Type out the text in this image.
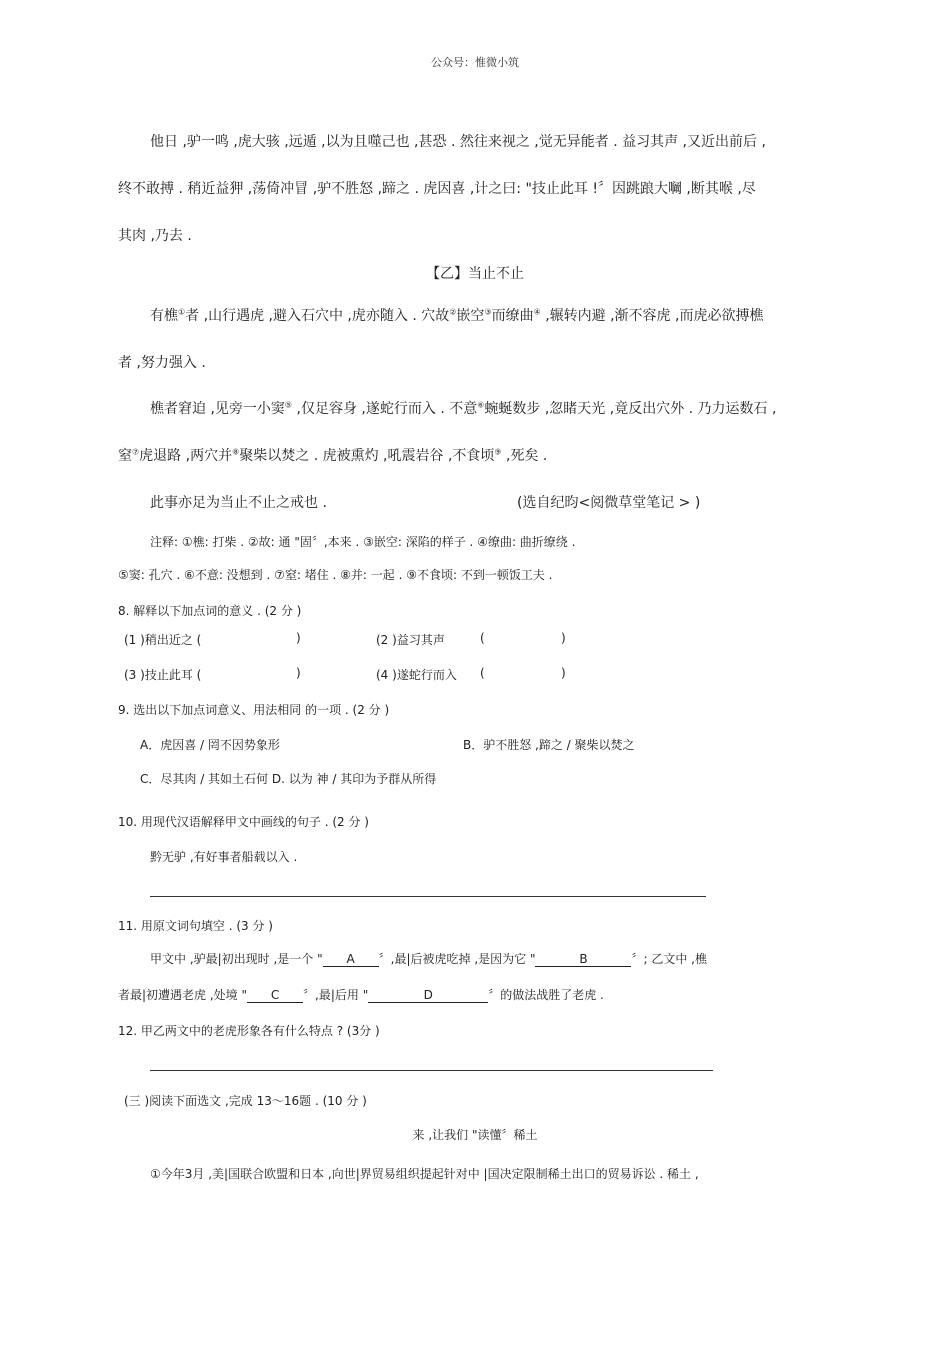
公众号：惟微小筑
他日 ,驴一鸣 ,虎大骇 ,远遁 ,以为且噬己也 ,甚恐 . 然往来视之 ,觉无异能者 . 益习其声 ,又近出前后 ,
终不敢搏 . 稍近益狎 ,荡倚冲冒 ,驴不胜怒 ,蹄之 . 虎因喜 ,计之曰: "技止此耳 !〞因跳踉大㘎 ,断其喉 ,尽
其肉 ,乃去 .
【乙】当止不止
有樵①者 ,山行遇虎 ,避入石穴中 ,虎亦随入 . 穴故②嵌空③而缭曲④ ,辗转内避 ,渐不容虎 ,而虎必欲搏樵
者 ,努力强入 .
樵者窘迫 ,见旁一小窦⑤ ,仅足容身 ,遂蛇行而入 . 不意⑥蜿蜒数步 ,忽睹天光 ,竟反出穴外 . 乃力运数石 ,
窒⑦虎退路 ,两穴并⑧聚柴以焚之 . 虎被熏灼 ,吼震岩谷 ,不食顷⑨ ,死矣 .
此事亦足为当止不止之戒也 .	(选自纪昀<阅微草堂笔记 > )
注释: ①樵: 打柴 . ②故: 通 "固〞,本来 . ③嵌空: 深陷的样子 . ④缭曲: 曲折缭绕 .
⑤窦: 孔穴 . ⑥不意: 没想到 . ⑦窒: 堵住 . ⑧并: 一起 . ⑨不食顷: 不到一顿饭工夫 .
8. 解释以下加点词的意义 . (2 分 )
(1 )稍出近之 (	)	(2 )益习其声	(	)
(3 )技止此耳 (	)	(4 )遂蛇行而入 (	)
9. 选出以下加点词意义、用法相同 的一项 . (2 分 )
A．虎因喜 / 罔不因势象形	B．驴不胜怒 ,蹄之 / 聚柴以焚之
C．尽其肉 / 其如土石何 D. 以为 神 / 其印为予群从所得
10. 用现代汉语解释甲文中画线的句子 . (2 分 )
黔无驴 ,有好事者船载以入 .
11. 用原文词句填空 . (3 分 )
甲文中 ,驴最|初出现时 ,是一个 " A 〞,最|后被虎吃掉 ,是因为它 "	B	〞; 乙文中 ,樵
者最|初遭遇老虎 ,处境 " C 〞,最|后用 "	D	〞的做法战胜了老虎 .
12. 甲乙两文中的老虎形象各有什么特点 ? (3分 )
(三 )阅读下面选文 ,完成 13～16题 . (10 分 )
来 ,让我们 "读懂〞稀土
①今年3月 ,美|国联合欧盟和日本 ,向世|界贸易组织提起针对中 |国决定限制稀土出口的贸易诉讼 . 稀土 ,
